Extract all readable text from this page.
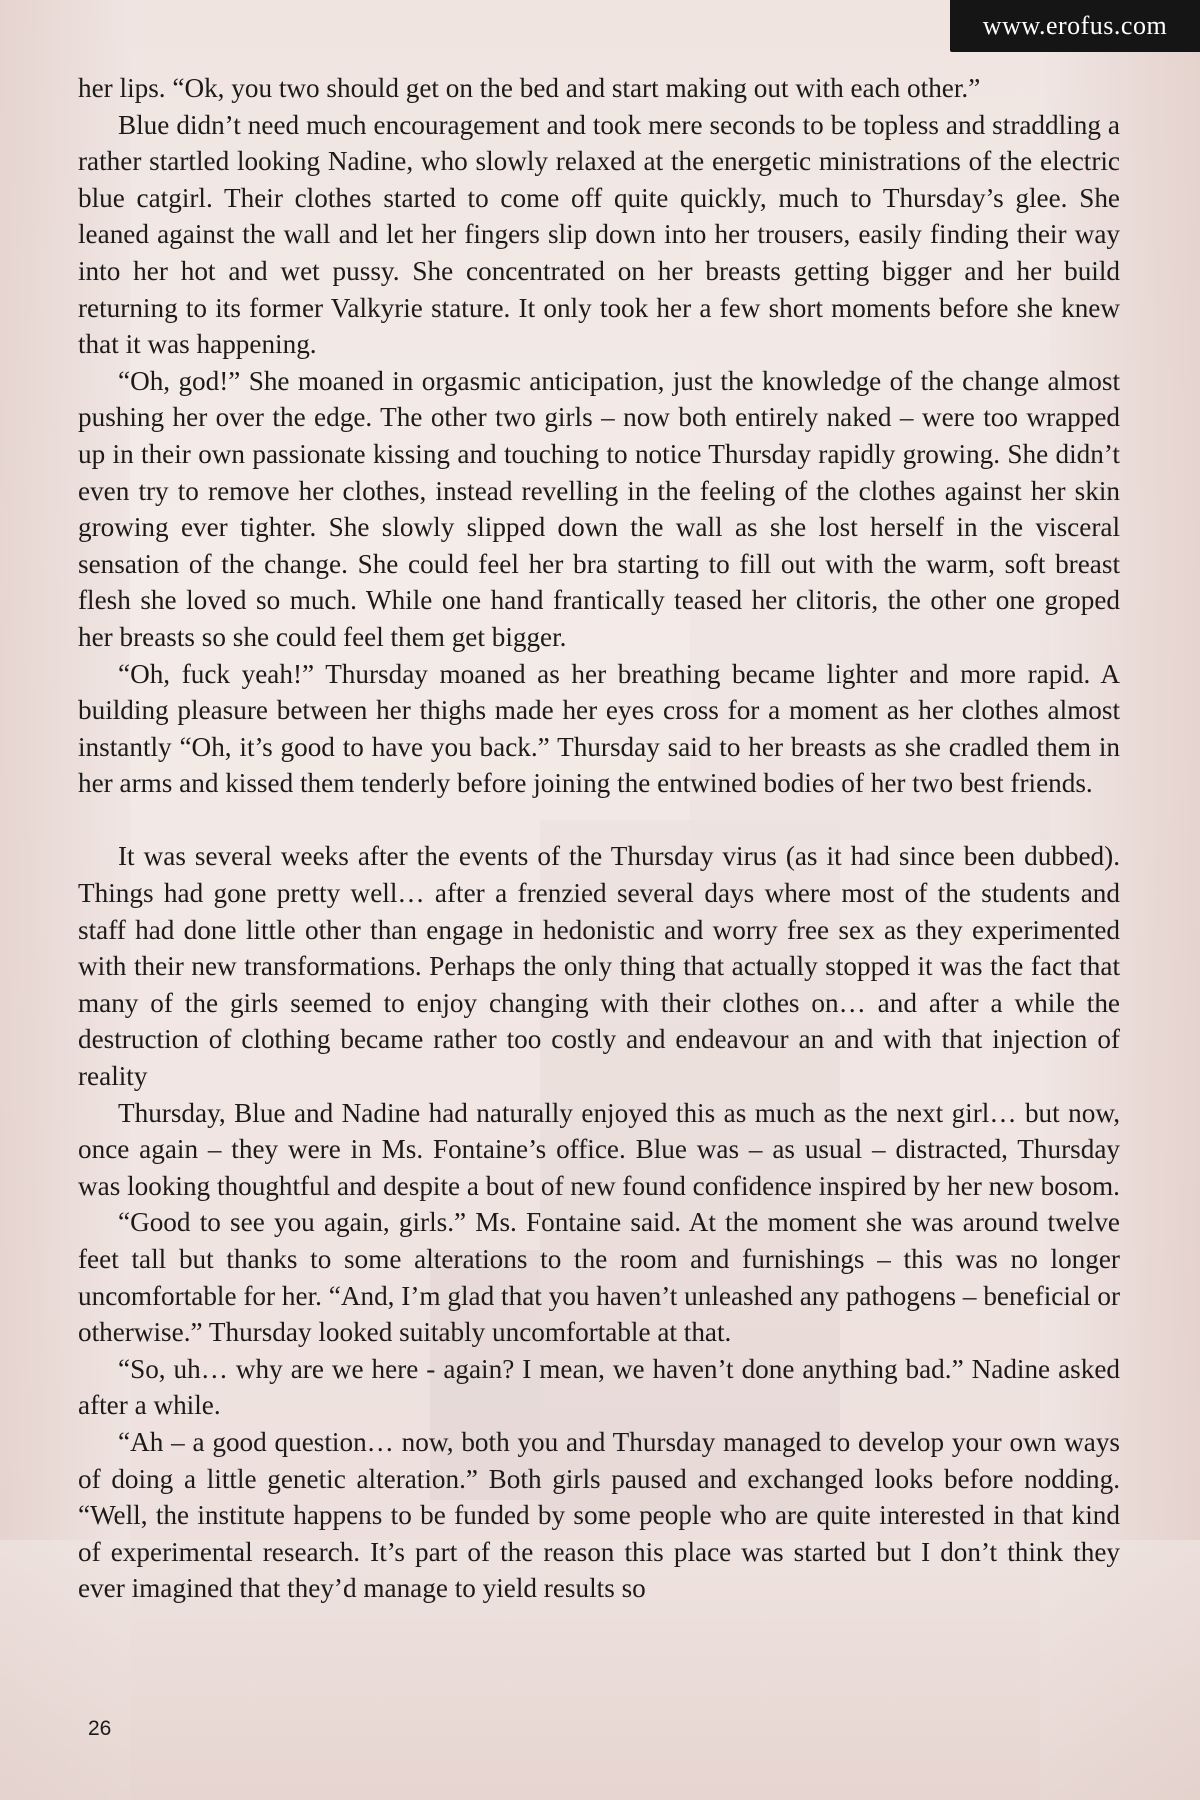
www.erofus.com

her lips. “Ok, you two should get on the bed and start making out with each other.”

Blue didn’t need much encouragement and took mere seconds to be topless and straddling a rather startled looking Nadine, who slowly relaxed at the energetic ministrations of the electric blue catgirl. Their clothes started to come off quite quickly, much to Thursday’s glee. She leaned against the wall and let her fingers slip down into her trousers, easily finding their way into her hot and wet pussy. She concentrated on her breasts getting bigger and her build returning to its former Valkyrie stature. It only took her a few short moments before she knew that it was happening.

“Oh, god!” She moaned in orgasmic anticipation, just the knowledge of the change almost pushing her over the edge. The other two girls – now both entirely naked – were too wrapped up in their own passionate kissing and touching to notice Thursday rapidly growing. She didn’t even try to remove her clothes, instead revelling in the feeling of the clothes against her skin growing ever tighter. She slowly slipped down the wall as she lost herself in the visceral sensation of the change. She could feel her bra starting to fill out with the warm, soft breast flesh she loved so much. While one hand frantically teased her clitoris, the other one groped her breasts so she could feel them get bigger.

“Oh, fuck yeah!” Thursday moaned as her breathing became lighter and more rapid. A building pleasure between her thighs made her eyes cross for a moment as her clothes almost instantly “Oh, it’s good to have you back.” Thursday said to her breasts as she cradled them in her arms and kissed them tenderly before joining the entwined bodies of her two best friends.

It was several weeks after the events of the Thursday virus (as it had since been dubbed). Things had gone pretty well… after a frenzied several days where most of the students and staff had done little other than engage in hedonistic and worry free sex as they experimented with their new transformations. Perhaps the only thing that actually stopped it was the fact that many of the girls seemed to enjoy changing with their clothes on… and after a while the destruction of clothing became rather too costly and endeavour an and with that injection of reality

Thursday, Blue and Nadine had naturally enjoyed this as much as the next girl… but now, once again – they were in Ms. Fontaine’s office. Blue was – as usual – distracted, Thursday was looking thoughtful and despite a bout of new found confidence inspired by her new bosom.

“Good to see you again, girls.” Ms. Fontaine said. At the moment she was around twelve feet tall but thanks to some alterations to the room and furnishings – this was no longer uncomfortable for her. “And, I’m glad that you haven’t unleashed any pathogens – beneficial or otherwise.” Thursday looked suitably uncomfortable at that.

“So, uh… why are we here - again? I mean, we haven’t done anything bad.” Nadine asked after a while.

“Ah – a good question… now, both you and Thursday managed to develop your own ways of doing a little genetic alteration.” Both girls paused and exchanged looks before nodding. “Well, the institute happens to be funded by some people who are quite interested in that kind of experimental research. It’s part of the reason this place was started but I don’t think they ever imagined that they’d manage to yield results so

26
